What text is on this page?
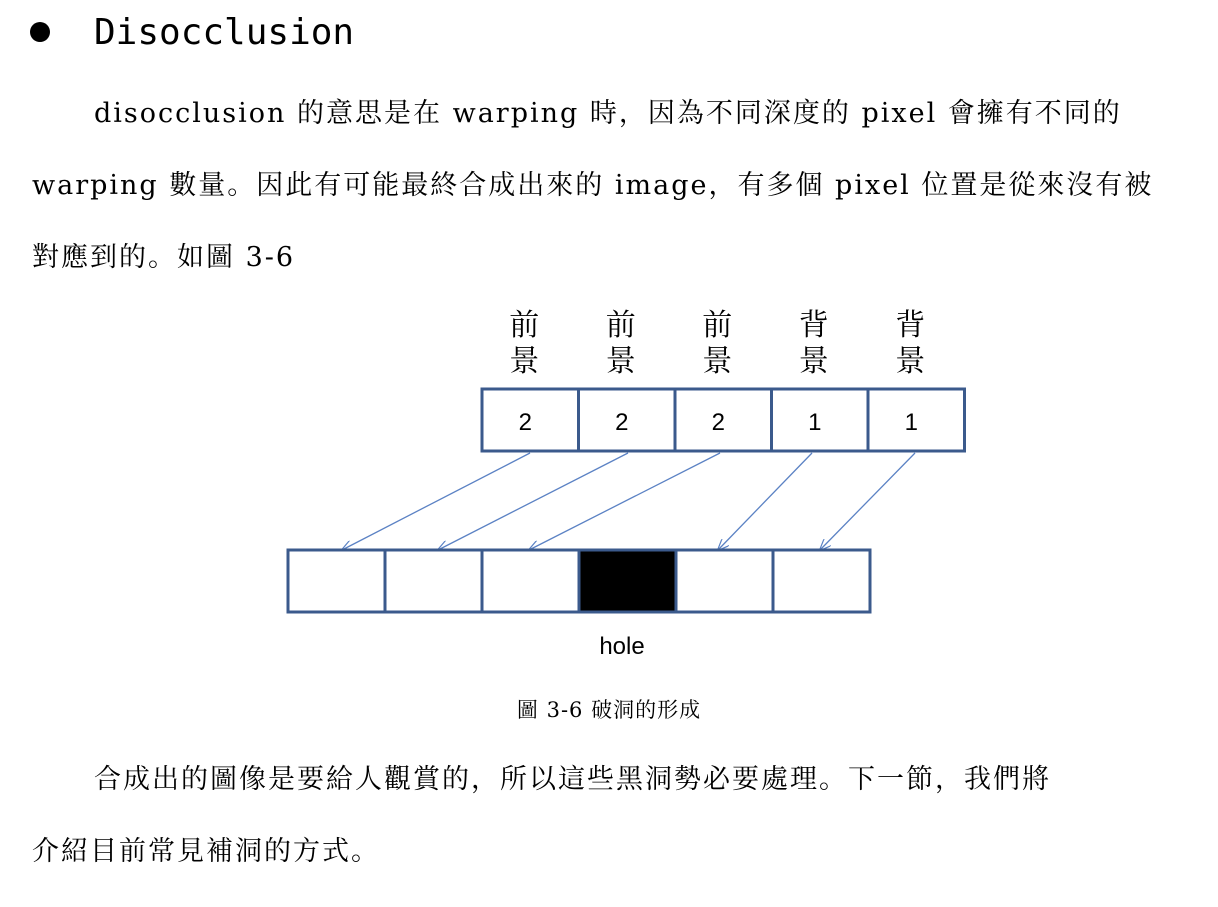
Disocclusion
disocclusion 的意思是在 warping 時，因為不同深度的 pixel 會擁有不同的
warping 數量。因此有可能最終合成出來的 image，有多個 pixel 位置是從來沒有被
對應到的。如圖 3-6
前
景
前
景
前
景
背
景
背
景
2	2	2	1	1
hole
圖 3-6 破洞的形成
合成出的圖像是要給人觀賞的，所以這些黑洞勢必要處理。下一節，我們將
介紹目前常見補洞的方式。
